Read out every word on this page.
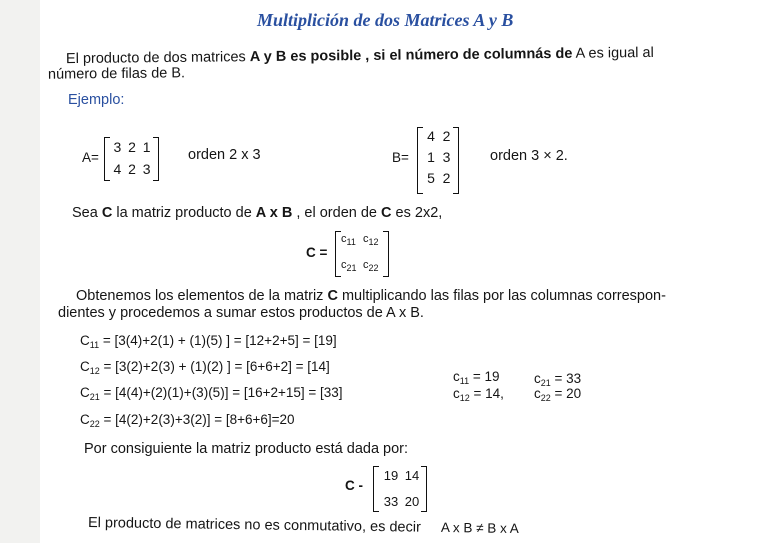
Multiplición de dos Matrices A y B
El producto de dos matrices A y B es posible , si el número de columnás de A es igual al
número de filas de B.
Ejemplo:
A=
3 2 1
4 2 3
orden 2 x 3	B=
4 2
1 3
5 2
orden 3 × 2.
Sea C la matriz producto de A x B , el orden de C es 2x2,
C =
$c_{11}$ $c_{12}$
$c_{21}$ $c_{22}$
Obtenemos los elementos de la matriz C multiplicando las filas por las columnas correspon-
dientes y procedemos a sumar estos productos de A x B.
$C_{11} = [3(4)+2(1) + (1)(5)$ ] = [12+2+5] = [19]
$C_{12} = [3(2)+2(3) + (1)(2)$ ] = [6+6+2] = [14]
$C_{21} = [4(4)+(2)(1)+(3)(5)] = [16+2+15] = [33]$
$C_{22} = [4(2)+2(3)+3(2)] = [8+6+6]=20$
$c_{11} = 19$
$c_{12} = 14$,
$c_{21} = 33$
$c_{22} = 20$
Por consiguiente la matriz producto está dada por:
C -
19 14
33 20
El producto de matrices no es conmutativo, es decir A x B ≠ B x A
